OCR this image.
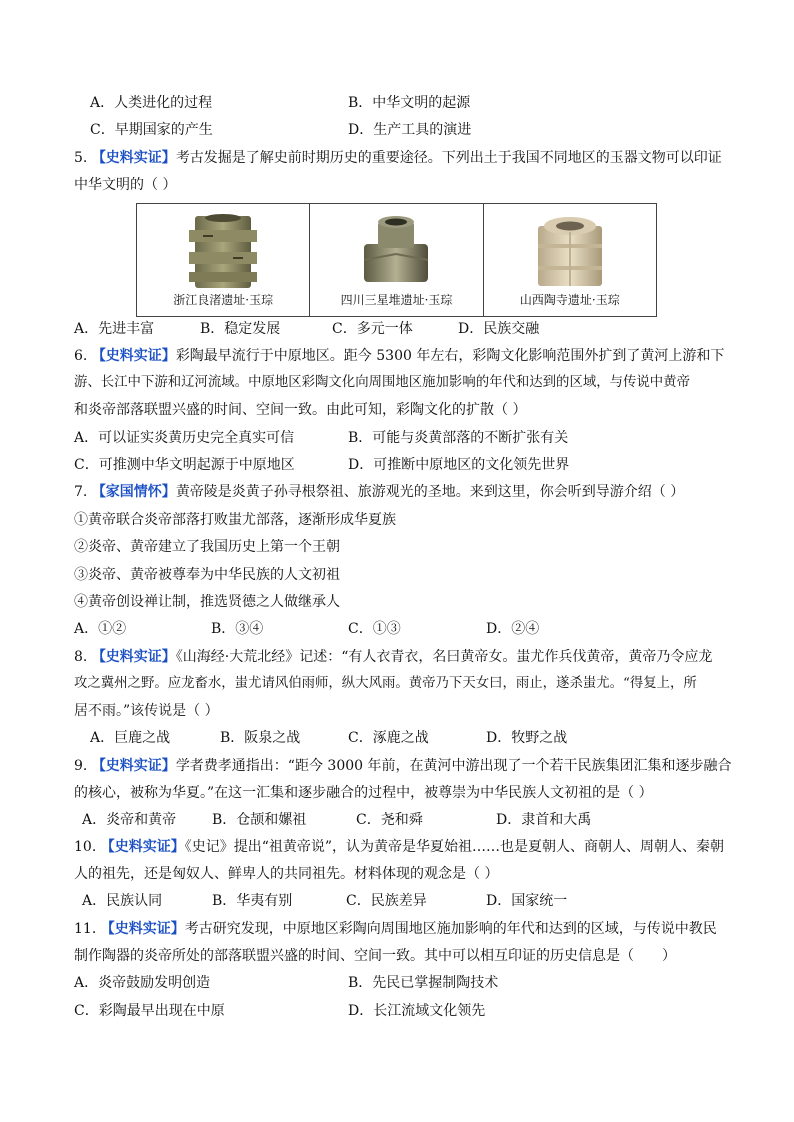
A．人类进化的过程	B．中华文明的起源
C．早期国家的产生	D．生产工具的演进
5. 【史料实证】考古发掘是了解史前时期历史的重要途径。下列出土于我国不同地区的玉器文物可以印证
中华文明的（ ）
浙江良渚遗址·玉琮	四川三星堆遗址·玉琮	山西陶寺遗址·玉琮
A．先进丰富	B．稳定发展	C．多元一体	D．民族交融
6. 【史料实证】彩陶最早流行于中原地区。距今 5300 年左右，彩陶文化影响范围外扩到了黄河上游和下
游、长江中下游和辽河流域。中原地区彩陶文化向周围地区施加影响的年代和达到的区域，与传说中黄帝
和炎帝部落联盟兴盛的时间、空间一致。由此可知，彩陶文化的扩散（ ）
A．可以证实炎黄历史完全真实可信	B．可能与炎黄部落的不断扩张有关
C．可推测中华文明起源于中原地区	D．可推断中原地区的文化领先世界
7. 【家国情怀】黄帝陵是炎黄子孙寻根祭祖、旅游观光的圣地。来到这里，你会听到导游介绍（ ）
①黄帝联合炎帝部落打败蚩尤部落，逐渐形成华夏族
②炎帝、黄帝建立了我国历史上第一个王朝
③炎帝、黄帝被尊奉为中华民族的人文初祖
④黄帝创设禅让制，推选贤德之人做继承人
A．①②	B．③④	C．①③	D．②④
8. 【史料实证】《山海经·大荒北经》记述：“有人衣青衣，名曰黄帝女。蚩尤作兵伐黄帝，黄帝乃令应龙
攻之冀州之野。应龙畜水，蚩尤请风伯雨师，纵大风雨。黄帝乃下天女曰，雨止，遂杀蚩尤。“得复上，所
居不雨。”该传说是（ ）
A．巨鹿之战	B．阪泉之战	C．涿鹿之战	D．牧野之战
9. 【史料实证】学者费孝通指出：“距今 3000 年前，在黄河中游出现了一个若干民族集团汇集和逐步融合
的核心，被称为华夏。”在这一汇集和逐步融合的过程中，被尊崇为中华民族人文初祖的是（ ）
A．炎帝和黄帝	B．仓颉和嫘祖	C．尧和舜	D．隶首和大禹
10. 【史料实证】《史记》提出“祖黄帝说”，认为黄帝是华夏始祖……也是夏朝人、商朝人、周朝人、秦朝
人的祖先，还是匈奴人、鲜卑人的共同祖先。材料体现的观念是（ ）
A．民族认同	B．华夷有别	C．民族差异	D．国家统一
11. 【史料实证】考古研究发现，中原地区彩陶向周围地区施加影响的年代和达到的区域，与传说中教民
制作陶器的炎帝所处的部落联盟兴盛的时间、空间一致。其中可以相互印证的历史信息是（　　）
A．炎帝鼓励发明创造	B．先民已掌握制陶技术
C．彩陶最早出现在中原	D．长江流域文化领先
